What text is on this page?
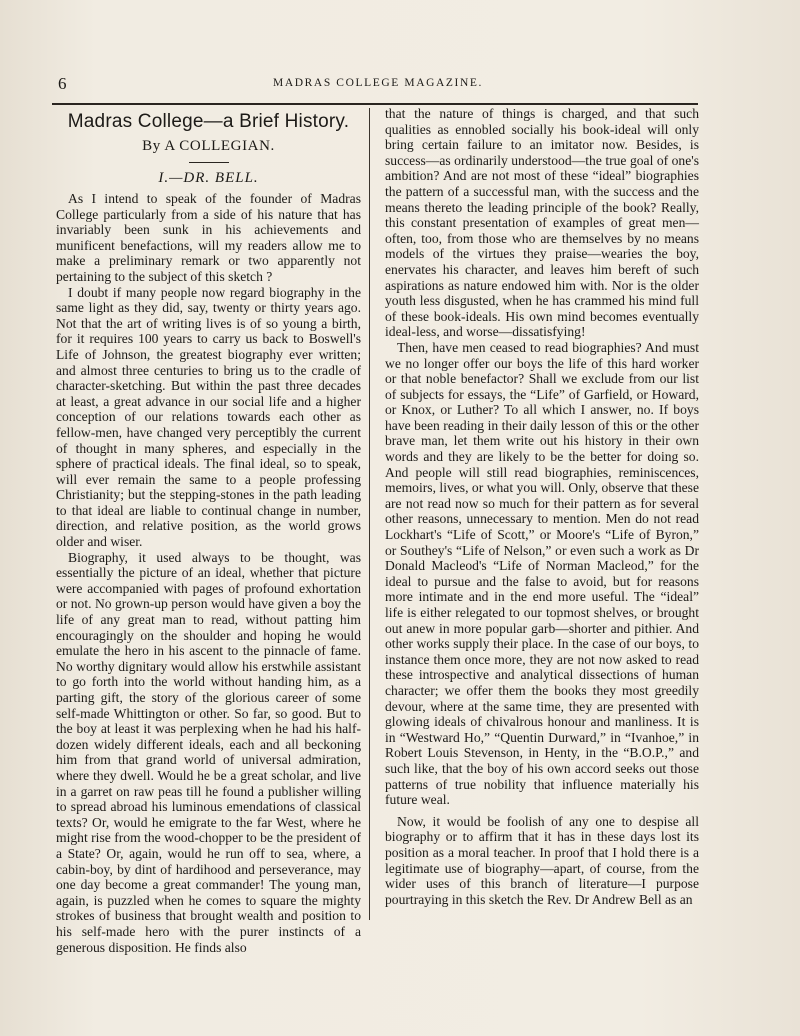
6	MADRAS COLLEGE MAGAZINE.
Madras College—a Brief History.
By A COLLEGIAN.
I.—DR. BELL.

As I intend to speak of the founder of Madras College particularly from a side of his nature that has invariably been sunk in his achievements and munificent benefactions, will my readers allow me to make a preliminary remark or two apparently not pertaining to the subject of this sketch ?

I doubt if many people now regard biography in the same light as they did, say, twenty or thirty years ago. Not that the art of writing lives is of so young a birth, for it requires 100 years to carry us back to Boswell's Life of Johnson, the greatest biography ever written; and almost three centuries to bring us to the cradle of character-sketching. But within the past three decades at least, a great advance in our social life and a higher conception of our relations towards each other as fellow-men, have changed very perceptibly the current of thought in many spheres, and especially in the sphere of practical ideals. The final ideal, so to speak, will ever remain the same to a people professing Christianity; but the stepping-stones in the path leading to that ideal are liable to continual change in number, direction, and relative position, as the world grows older and wiser.

Biography, it used always to be thought, was essentially the picture of an ideal, whether that picture were accompanied with pages of profound exhortation or not. No grown-up person would have given a boy the life of any great man to read, without patting him encouragingly on the shoulder and hoping he would emulate the hero in his ascent to the pinnacle of fame. No worthy dignitary would allow his erstwhile assistant to go forth into the world without handing him, as a parting gift, the story of the glorious career of some self-made Whittington or other. So far, so good. But to the boy at least it was perplexing when he had his half-dozen widely different ideals, each and all beckoning him from that grand world of universal admiration, where they dwell. Would he be a great scholar, and live in a garret on raw peas till he found a publisher willing to spread abroad his luminous emendations of classical texts? Or, would he emigrate to the far West, where he might rise from the wood-chopper to be the president of a State? Or, again, would he run off to sea, where, a cabin-boy, by dint of hardihood and perseverance, may one day become a great commander! The young man, again, is puzzled when he comes to square the mighty strokes of business that brought wealth and position to his self-made hero with the purer instincts of a generous disposition. He finds also

that the nature of things is charged, and that such qualities as ennobled socially his book-ideal will only bring certain failure to an imitator now. Besides, is success—as ordinarily understood—the true goal of one's ambition? And are not most of these “ideal” biographies the pattern of a successful man, with the success and the means thereto the leading principle of the book? Really, this constant presentation of examples of great men—often, too, from those who are themselves by no means models of the virtues they praise—wearies the boy, enervates his character, and leaves him bereft of such aspirations as nature endowed him with. Nor is the older youth less disgusted, when he has crammed his mind full of these book-ideals. His own mind becomes eventually ideal-less, and worse—dissatisfying!

Then, have men ceased to read biographies? And must we no longer offer our boys the life of this hard worker or that noble benefactor? Shall we exclude from our list of subjects for essays, the “Life” of Garfield, or Howard, or Knox, or Luther? To all which I answer, no. If boys have been reading in their daily lesson of this or the other brave man, let them write out his history in their own words and they are likely to be the better for doing so. And people will still read biographies, reminiscences, memoirs, lives, or what you will. Only, observe that these are not read now so much for their pattern as for several other reasons, unnecessary to mention. Men do not read Lockhart's “Life of Scott,” or Moore's “Life of Byron,” or Southey's “Life of Nelson,” or even such a work as Dr Donald Macleod's “Life of Norman Macleod,” for the ideal to pursue and the false to avoid, but for reasons more intimate and in the end more useful. The “ideal” life is either relegated to our topmost shelves, or brought out anew in more popular garb—shorter and pithier. And other works supply their place. In the case of our boys, to instance them once more, they are not now asked to read these introspective and analytical dissections of human character; we offer them the books they most greedily devour, where at the same time, they are presented with glowing ideals of chivalrous honour and manliness. It is in “Westward Ho,” “Quentin Durward,” in “Ivanhoe,” in Robert Louis Stevenson, in Henty, in the “B.O.P.,” and such like, that the boy of his own accord seeks out those patterns of true nobility that influence materially his future weal.

Now, it would be foolish of any one to despise all biography or to affirm that it has in these days lost its position as a moral teacher. In proof that I hold there is a legitimate use of biography—apart, of course, from the wider uses of this branch of literature—I purpose pourtraying in this sketch the Rev. Dr Andrew Bell as an
